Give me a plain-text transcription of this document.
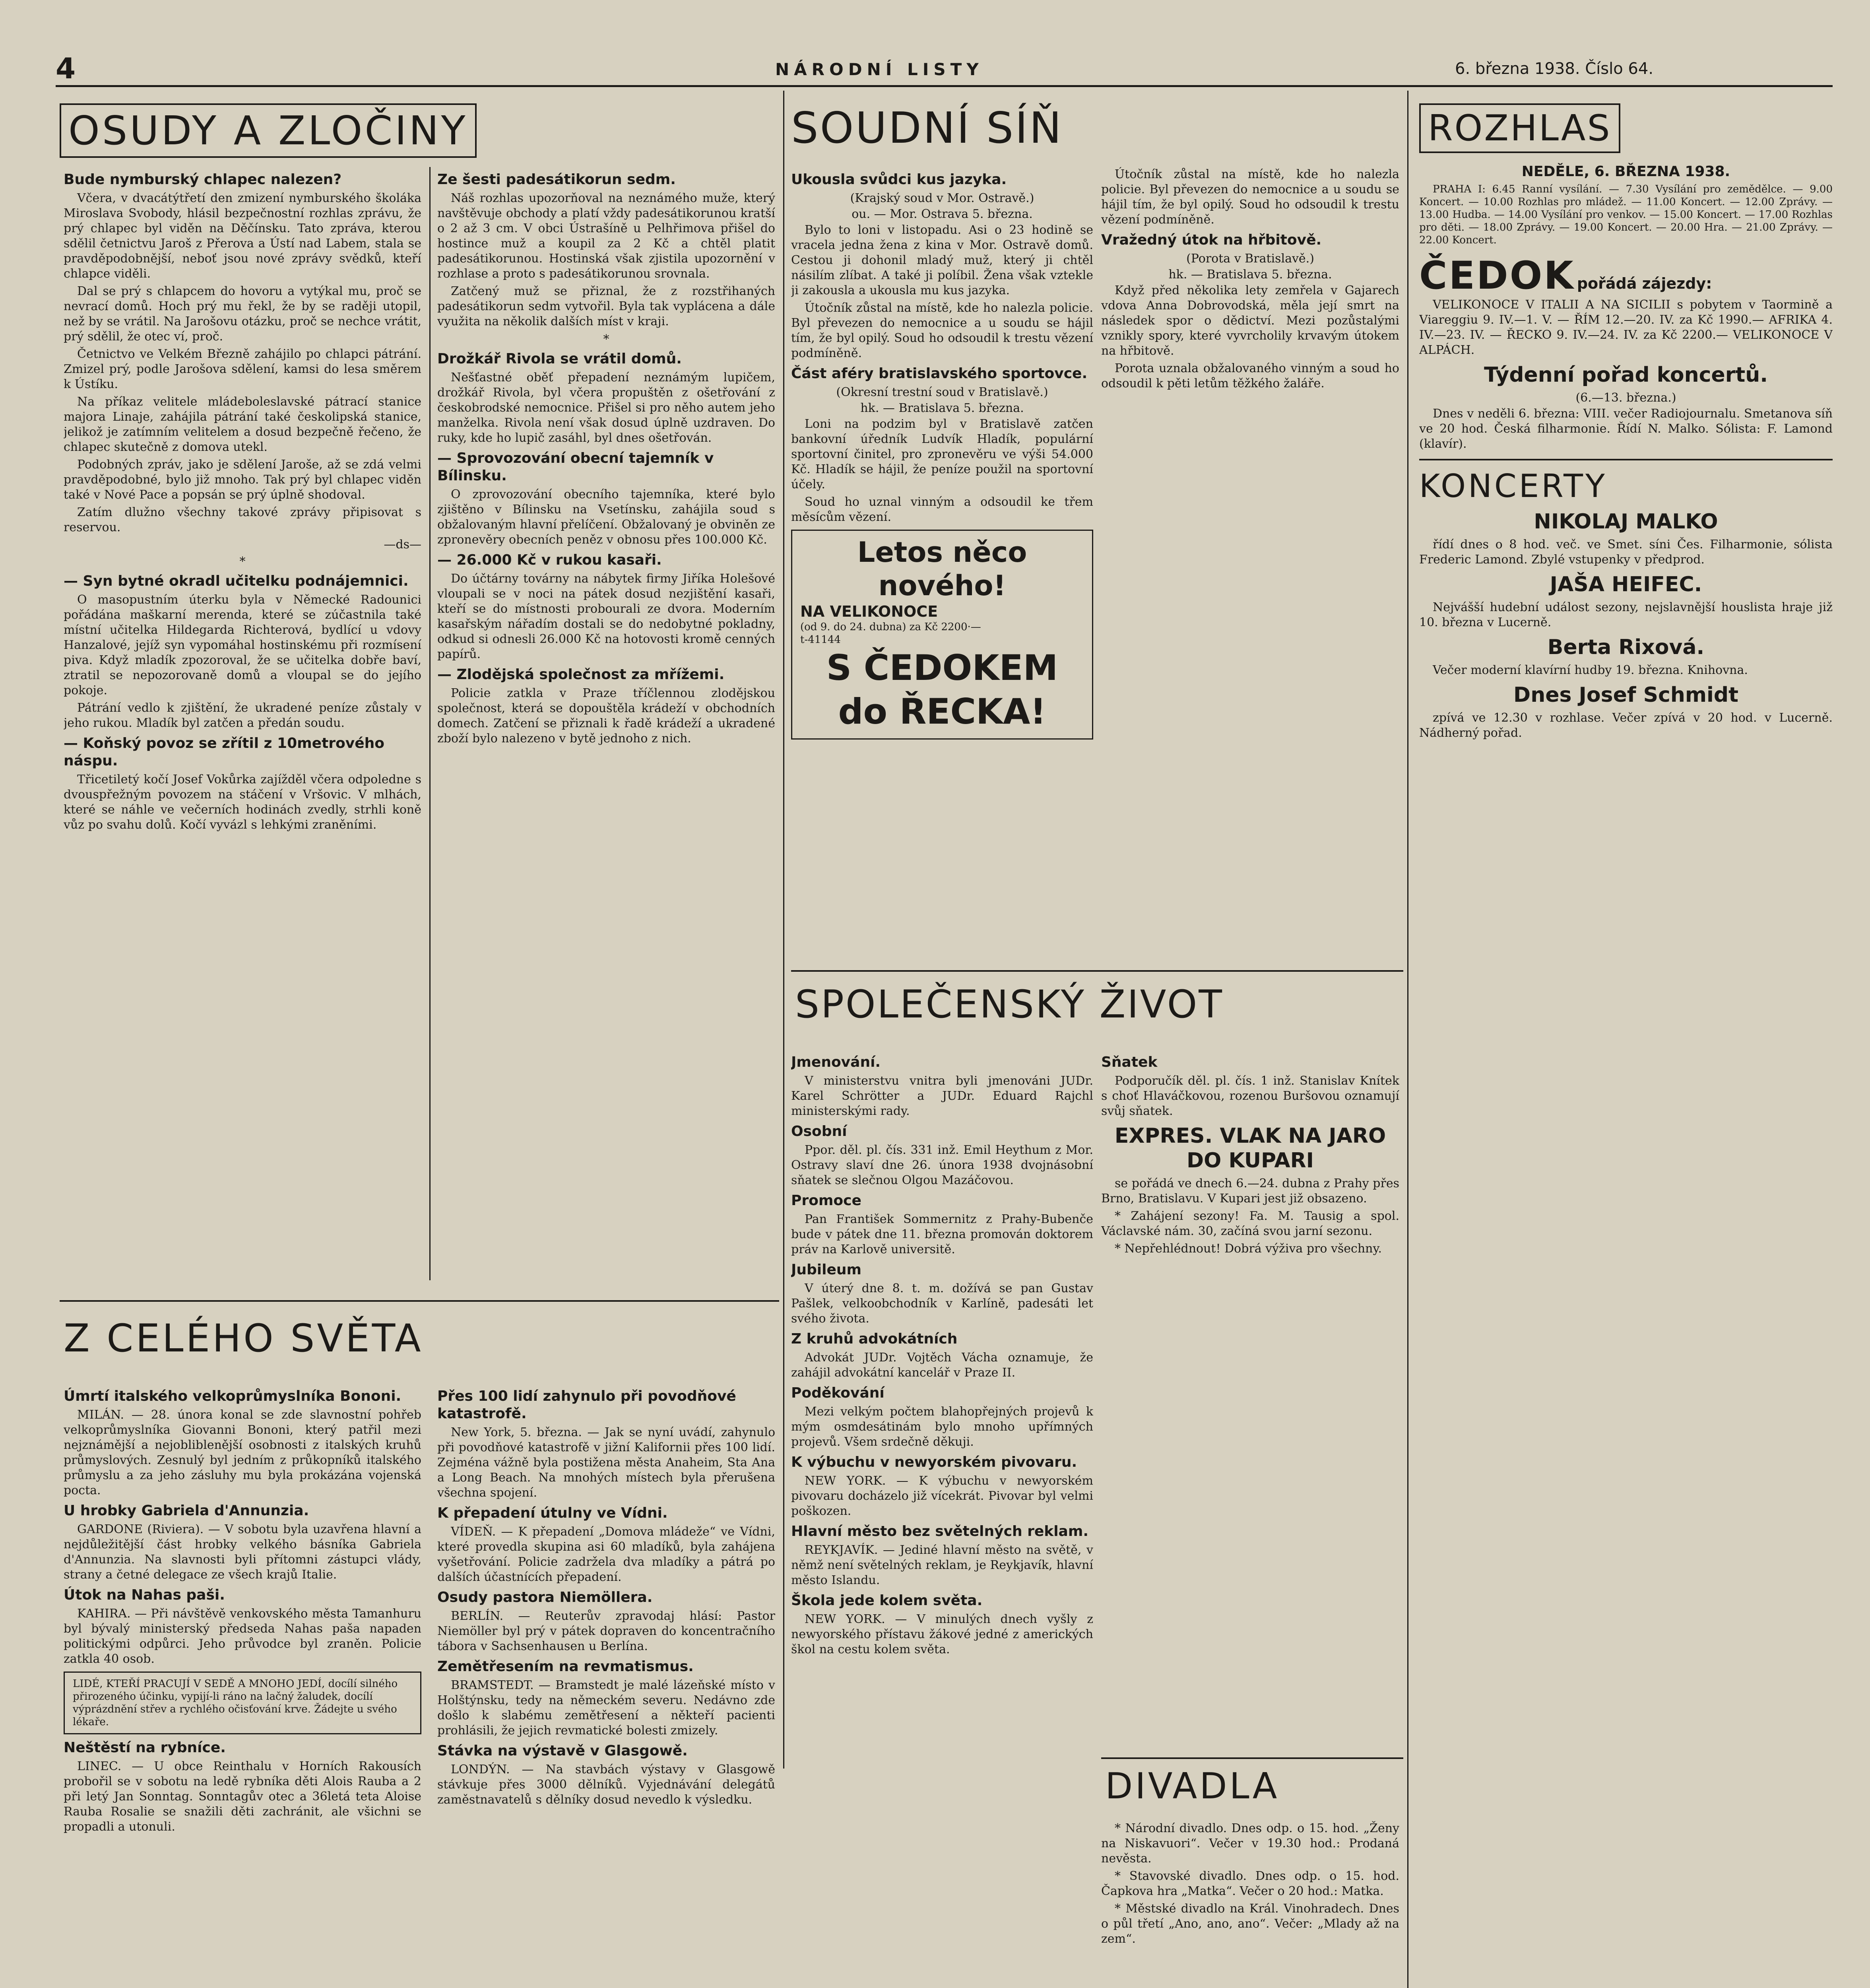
4	NÁRODNÍ LISTY	6. března 1938. Číslo 64.
OSUDY A ZLOČINY
Bude nymburský chlapec nalezen?

Včera, v dvacátýtřetí den zmizení nymburského školáka Miroslava Svobody, hlásil bezpečnostní rozhlas zprávu, že prý chlapec byl viděn na Děčínsku. Tato zpráva, kterou sdělil četnictvu Jaroš z Přerova a Ústí nad Labem, stala se pravděpodobnější, neboť jsou nové zprávy svědků, kteří chlapce viděli.

Dal se prý s chlapcem do hovoru a vytýkal mu, proč se nevrací domů. Hoch prý mu řekl, že by se raději utopil, než by se vrátil. Na Jarošovu otázku, proč se nechce vrátit, prý sdělil, že otec ví, proč.

Četnictvo ve Velkém Březně zahájilo po chlapci pátrání. Zmizel prý, podle Jarošova sdělení, kamsi do lesa směrem k Ústíku.

Na příkaz velitele mládeboleslavské pátrací stanice majora Linaje, zahájila pátrání také českolipská stanice, jelikož je zatímním velitelem a dosud bezpečně řečeno, že chlapec skutečně z domova utekl.

Podobných zpráv, jako je sdělení Jaroše, až se zdá velmi pravděpodobné, bylo již mnoho. Tak prý byl chlapec viděn také v Nové Pace a popsán se prý úplně shodoval.

Zatím dlužno všechny takové zprávy připisovat s reservou.

—ds—
*
— Syn bytné okradl učitelku podnájemnici.

O masopustním úterku byla v Německé Radounici pořádána maškarní merenda, které se zúčastnila také místní učitelka Hildegarda Richterová, bydlící u vdovy Hanzalové, jejíž syn vypomáhal hostinskému při rozmísení piva. Když mladík zpozoroval, že se učitelka dobře baví, ztratil se nepozorovaně domů a vloupal se do jejího pokoje.

Pátrání vedlo k zjištění, že ukradené peníze zůstaly v jeho rukou. Mladík byl zatčen a předán soudu.

— Koňský povoz se zřítil z 10metrového náspu.

Třicetiletý kočí Josef Vokůrka zajížděl včera odpoledne s dvouspřežným povozem na stáčení v Vršovic. V mlhách, které se náhle ve večerních hodinách zvedly, strhli koně vůz po svahu dolů. Kočí vyvázl s lehkými zraněními.

Ze šesti padesátikorun sedm.

Náš rozhlas upozorňoval na neznámého muže, který navštěvuje obchody a platí vždy padesátikorunou kratší o 2 až 3 cm. V obci Ústrašíně u Pelhřimova přišel do hostince muž a koupil za 2 Kč a chtěl platit padesátikorunou. Hostinská však zjistila upozornění v rozhlase a proto s padesátikorunou srovnala.

Zatčený muž se přiznal, že z rozstřihaných padesátikorun sedm vytvořil. Byla tak vyplácena a dále využita na několik dalších míst v kraji.

*
Drožkář Rivola se vrátil domů.

Nešťastné oběť přepadení neznámým lupičem, drožkář Rivola, byl včera propuštěn z ošetřování z českobrodské nemocnice. Přišel si pro něho autem jeho manželka. Rivola není však dosud úplně uzdraven. Do ruky, kde ho lupič zasáhl, byl dnes ošetřován.

— Sprovozování obecní tajemník v Bílinsku.

O zprovozování obecního tajemníka, které bylo zjištěno v Bílinsku na Vsetínsku, zahájila soud s obžalovaným hlavní přelíčení. Obžalovaný je obviněn ze zpronevěry obecních peněz v obnosu přes 100.000 Kč.

— 26.000 Kč v rukou kasaři.

Do účtárny továrny na nábytek firmy Jiříka Holešové vloupali se v noci na pátek dosud nezjištění kasaři, kteří se do místnosti probourali ze dvora. Moderním kasařským nářadím dostali se do nedobytné pokladny, odkud si odnesli 26.000 Kč na hotovosti kromě cenných papírů.

— Zlodějská společnost za mřížemi.

Policie zatkla v Praze tříčlennou zlodějskou společnost, která se dopouštěla krádeží v obchodních domech. Zatčení se přiznali k řadě krádeží a ukradené zboží bylo nalezeno v bytě jednoho z nich.

Z CELÉHO SVĚTA
Úmrtí italského velkoprůmyslníka Bononi.

MILÁN. — 28. února konal se zde slavnostní pohřeb velkoprůmyslníka Giovanni Bononi, který patřil mezi nejznámější a nejobliblenější osobnosti z italských kruhů průmyslových. Zesnulý byl jedním z průkopníků italského průmyslu a za jeho zásluhy mu byla prokázána vojenská pocta.

U hrobky Gabriela d'Annunzia.

GARDONE (Riviera). — V sobotu byla uzavřena hlavní a nejdůležitější část hrobky velkého básníka Gabriela d'Annunzia. Na slavnosti byli přítomni zástupci vlády, strany a četné delegace ze všech krajů Italie.

Útok na Nahas paši.

KAHIRA. — Při návštěvě venkovského města Tamanhuru byl bývalý ministerský předseda Nahas paša napaden politickými odpůrci. Jeho průvodce byl zraněn. Policie zatkla 40 osob.

LIDÉ, KTEŘÍ PRACUJÍ V SEDĚ A MNOHO JEDÍ, docílí silného přirozeného účinku, vypijí-li ráno na lačný žaludek, docílí výprázdnění střev a rychlého očisťování krve. Žádejte u svého lékaře.
Neštěstí na rybníce.

LINEC. — U obce Reinthalu v Horních Rakousích probořil se v sobotu na ledě rybníka děti Alois Rauba a 2 při letý Jan Sonntag. Sonntagův otec a 36letá teta Aloise Rauba Rosalie se snažili děti zachránit, ale všichni se propadli a utonuli.

Přes 100 lidí zahynulo při povodňové katastrofě.

New York, 5. března. — Jak se nyní uvádí, zahynulo při povodňové katastrofě v jižní Kalifornii přes 100 lidí. Zejména vážně byla postižena města Anaheim, Sta Ana a Long Beach. Na mnohých místech byla přerušena všechna spojení.

K přepadení útulny ve Vídni.

VÍDEŇ. — K přepadení „Domova mládeže“ ve Vídni, které provedla skupina asi 60 mladíků, byla zahájena vyšetřování. Policie zadržela dva mladíky a pátrá po dalších účastnících přepadení.

Osudy pastora Niemöllera.

BERLÍN. — Reuterův zpravodaj hlásí: Pastor Niemöller byl prý v pátek dopraven do koncentračního tábora v Sachsenhausen u Berlína.

Zemětřesením na revmatismus.

BRAMSTEDT. — Bramstedt je malé lázeňské místo v Holštýnsku, tedy na německém severu. Nedávno zde došlo k slabému zemětřesení a někteří pacienti prohlásili, že jejich revmatické bolesti zmizely.

Stávka na výstavě v Glasgowě.

LONDÝN. — Na stavbách výstavy v Glasgowě stávkuje přes 3000 dělníků. Vyjednávání delegátů zaměstnavatelů s dělníky dosud nevedlo k výsledku.

SOUDNÍ SÍŇ
Ukousla svůdci kus jazyka.
(Krajský soud v Mor. Ostravě.)
ou. — Mor. Ostrava 5. března.

Bylo to loni v listopadu. Asi o 23 hodině se vracela jedna žena z kina v Mor. Ostravě domů. Cestou ji dohonil mladý muž, který ji chtěl násilím zlíbat. A také ji políbil. Žena však vztekle ji zakousla a ukousla mu kus jazyka.

Útočník zůstal na místě, kde ho nalezla policie. Byl převezen do nemocnice a u soudu se hájil tím, že byl opilý. Soud ho odsoudil k trestu vězení podmíněně.

Část aféry bratislavského sportovce.
(Okresní trestní soud v Bratislavě.)
hk. — Bratislava 5. března.

Loni na podzim byl v Bratislavě zatčen bankovní úředník Ludvík Hladík, populární sportovní činitel, pro zpronevěru ve výši 54.000 Kč. Hladík se hájil, že peníze použil na sportovní účely.

Soud ho uznal vinným a odsoudil ke třem měsícům vězení.

Letos něco nového!
NA VELIKONOCE
(od 9. do 24. dubna) za Kč 2200·—
t-41144
S ČEDOKEM do ŘECKA!

Útočník zůstal na místě, kde ho nalezla policie. Byl převezen do nemocnice a u soudu se hájil tím, že byl opilý. Soud ho odsoudil k trestu vězení podmíněně.

Vražedný útok na hřbitově.
(Porota v Bratislavě.)
hk. — Bratislava 5. března.

Když před několika lety zemřela v Gajarech vdova Anna Dobrovodská, měla její smrt na následek spor o dědictví. Mezi pozůstalými vznikly spory, které vyvrcholily krvavým útokem na hřbitově.

Porota uznala obžalovaného vinným a soud ho odsoudil k pěti letům těžkého žaláře.

SPOLEČENSKÝ ŽIVOT
Jmenování.

V ministerstvu vnitra byli jmenováni JUDr. Karel Schrötter a JUDr. Eduard Rajchl ministerskými rady.

Osobní

Ppor. děl. pl. čís. 331 inž. Emil Heythum z Mor. Ostravy slaví dne 26. února 1938 dvojnásobní sňatek se slečnou Olgou Mazáčovou.

Promoce

Pan František Sommernitz z Prahy-Bubenče bude v pátek dne 11. března promován doktorem práv na Karlově universitě.

Jubileum

V úterý dne 8. t. m. dožívá se pan Gustav Pašlek, velkoobchodník v Karlíně, padesáti let svého života.

Z kruhů advokátních

Advokát JUDr. Vojtěch Vácha oznamuje, že zahájil advokátní kancelář v Praze II.

Poděkování

Mezi velkým počtem blahopřejných projevů k mým osmdesátinám bylo mnoho upřímných projevů. Všem srdečně děkuji.

K výbuchu v newyorském pivovaru.

NEW YORK. — K výbuchu v newyorském pivovaru docházelo již vícekrát. Pivovar byl velmi poškozen.

Hlavní město bez světelných reklam.

REYKJAVÍK. — Jediné hlavní město na světě, v němž není světelných reklam, je Reykjavík, hlavní město Islandu.

Škola jede kolem světa.

NEW YORK. — V minulých dnech vyšly z newyorského přístavu žákové jedné z amerických škol na cestu kolem světa.

Sňatek

Podporučík děl. pl. čís. 1 inž. Stanislav Knítek s choť Hlaváčkovou, rozenou Buršovou oznamují svůj sňatek.

EXPRES. VLAK NA JARO DO KUPARI

se pořádá ve dnech 6.—24. dubna z Prahy přes Brno, Bratislavu. V Kupari jest již obsazeno.

* Zahájení sezony! Fa. M. Tausig a spol. Václavské nám. 30, začíná svou jarní sezonu.

* Nepřehlédnout! Dobrá výživa pro všechny.

DIVADLA

* Národní divadlo. Dnes odp. o 15. hod. „Ženy na Niskavuori“. Večer v 19.30 hod.: Prodaná nevěsta.

* Stavovské divadlo. Dnes odp. o 15. hod. Čapkova hra „Matka“. Večer o 20 hod.: Matka.

* Městské divadlo na Král. Vinohradech. Dnes o půl třetí „Ano, ano, ano“. Večer: „Mlady až na zem“.

ROZHLAS
NEDĚLE, 6. BŘEZNA 1938.

PRAHA I: 6.45 Ranní vysílání. — 7.30 Vysílání pro zemědělce. — 9.00 Koncert. — 10.00 Rozhlas pro mládež. — 11.00 Koncert. — 12.00 Zprávy. — 13.00 Hudba. — 14.00 Vysílání pro venkov. — 15.00 Koncert. — 17.00 Rozhlas pro děti. — 18.00 Zprávy. — 19.00 Koncert. — 20.00 Hra. — 21.00 Zprávy. — 22.00 Koncert.

ČEDOK pořádá zájezdy:

VELIKONOCE V ITALII A NA SICILII s pobytem v Taormině a Viareggiu 9. IV.—1. V. — ŘÍM 12.—20. IV. za Kč 1990.— AFRIKA 4. IV.—23. IV. — ŘECKO 9. IV.—24. IV. za Kč 2200.— VELIKONOCE V ALPÁCH.

Týdenní pořad koncertů.
(6.—13. března.)

Dnes v neděli 6. března: VIII. večer Radiojournalu. Smetanova síň ve 20 hod. Česká filharmonie. Řídí N. Malko. Sólista: F. Lamond (klavír).

KONCERTY
NIKOLAJ MALKO

řídí dnes o 8 hod. več. ve Smet. síni Čes. Filharmonie, sólista Frederic Lamond. Zbylé vstupenky v předprod.

JAŠA HEIFEC.

Nejvášší hudební událost sezony, nejslavnější houslista hraje již 10. března v Lucerně.

Berta Rixová.

Večer moderní klavírní hudby 19. března. Knihovna.

Dnes Josef Schmidt

zpívá ve 12.30 v rozhlase. Večer zpívá v 20 hod. v Lucerně. Nádherný pořad.
